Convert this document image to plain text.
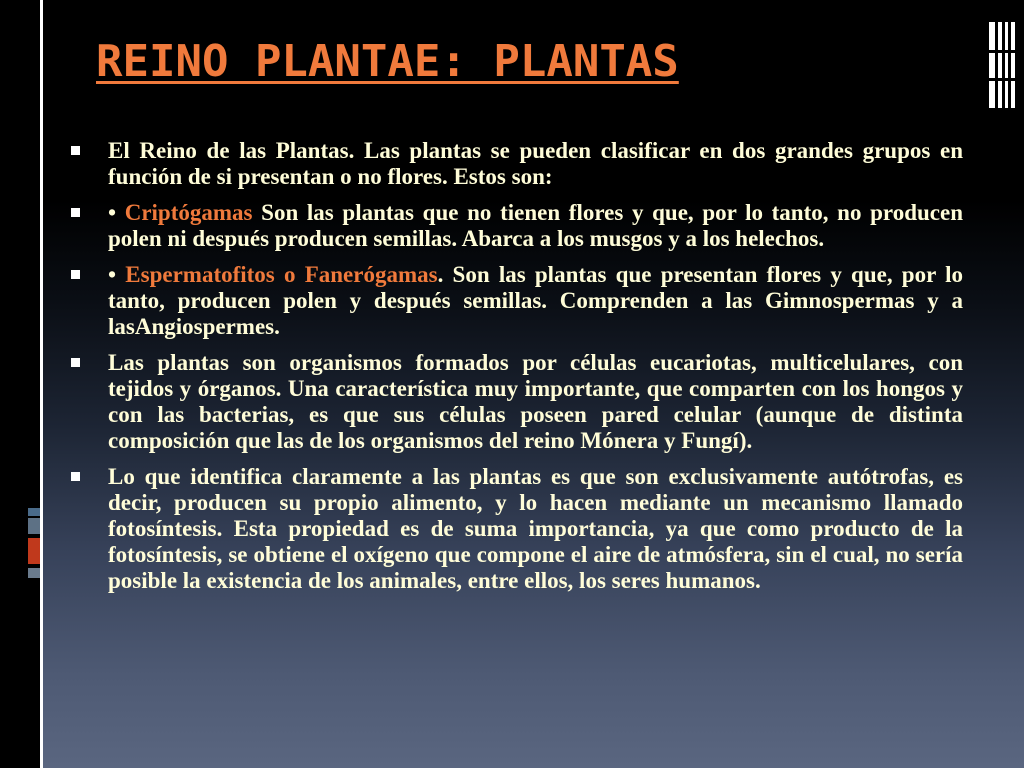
REINO PLANTAE: PLANTAS
El Reino de las Plantas. Las plantas se pueden clasificar en dos grandes grupos en función de si presentan o no flores. Estos son:
• Criptógamas Son las plantas que no tienen flores y que, por lo tanto, no producen polen ni después producen semillas. Abarca a los musgos y a los helechos.
• Espermatofitos o Fanerógamas. Son las plantas que presentan flores y que, por lo tanto, producen polen y después semillas. Comprenden a las Gimnospermas y a lasAngiospermes.
Las plantas son organismos formados por células eucariotas, multicelulares, con tejidos y órganos. Una característica muy importante, que comparten con los hongos y con las bacterias, es que sus células poseen pared celular (aunque de distinta composición que las de los organismos del reino Mónera y Fungí).
Lo que identifica claramente a las plantas es que son exclusivamente autótrofas, es decir, producen su propio alimento, y lo hacen mediante un mecanismo llamado fotosíntesis. Esta propiedad es de suma importancia, ya que como producto de la fotosíntesis, se obtiene el oxígeno que compone el aire de atmósfera, sin el cual, no sería posible la existencia de los animales, entre ellos, los seres humanos.
